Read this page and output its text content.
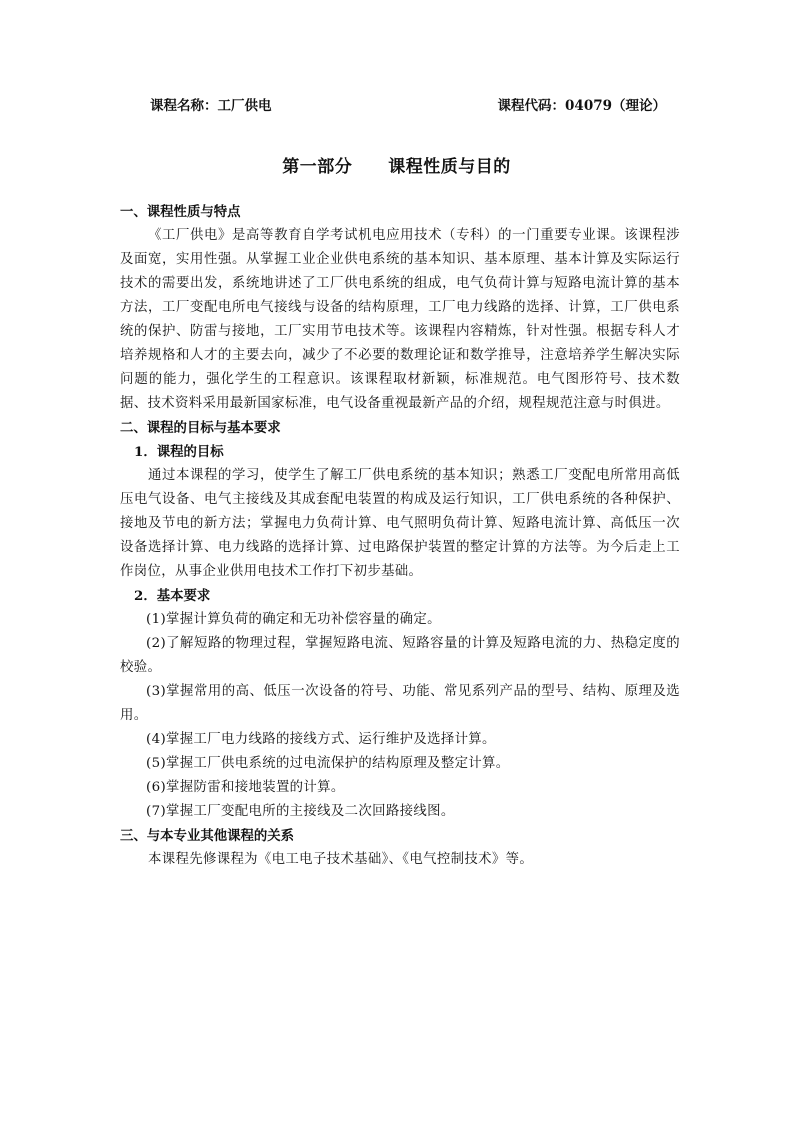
课程名称：工厂供电	课程代码：04079（理论）
第一部分 课程性质与目的

一、课程性质与特点

《工厂供电》是高等教育自学考试机电应用技术（专科）的一门重要专业课。该课程涉及面宽，实用性强。从掌握工业企业供电系统的基本知识、基本原理、基本计算及实际运行技术的需要出发，系统地讲述了工厂供电系统的组成，电气负荷计算与短路电流计算的基本方法，工厂变配电所电气接线与设备的结构原理，工厂电力线路的选择、计算，工厂供电系统的保护、防雷与接地，工厂实用节电技术等。该课程内容精炼，针对性强。根据专科人才培养规格和人才的主要去向，减少了不必要的数理论证和数学推导，注意培养学生解决实际问题的能力，强化学生的工程意识。该课程取材新颖，标准规范。电气图形符号、技术数据、技术资料采用最新国家标准，电气设备重视最新产品的介绍，规程规范注意与时俱进。

二、课程的目标与基本要求

1．课程的目标

通过本课程的学习，使学生了解工厂供电系统的基本知识；熟悉工厂变配电所常用高低压电气设备、电气主接线及其成套配电装置的构成及运行知识，工厂供电系统的各种保护、接地及节电的新方法；掌握电力负荷计算、电气照明负荷计算、短路电流计算、高低压一次设备选择计算、电力线路的选择计算、过电路保护装置的整定计算的方法等。为今后走上工作岗位，从事企业供用电技术工作打下初步基础。

2．基本要求

(1)掌握计算负荷的确定和无功补偿容量的确定。

(2)了解短路的物理过程，掌握短路电流、短路容量的计算及短路电流的力、热稳定度的校验。

(3)掌握常用的高、低压一次设备的符号、功能、常见系列产品的型号、结构、原理及选用。

(4)掌握工厂电力线路的接线方式、运行维护及选择计算。

(5)掌握工厂供电系统的过电流保护的结构原理及整定计算。

(6)掌握防雷和接地装置的计算。

(7)掌握工厂变配电所的主接线及二次回路接线图。

三、与本专业其他课程的关系

本课程先修课程为《电工电子技术基础》、《电气控制技术》等。
